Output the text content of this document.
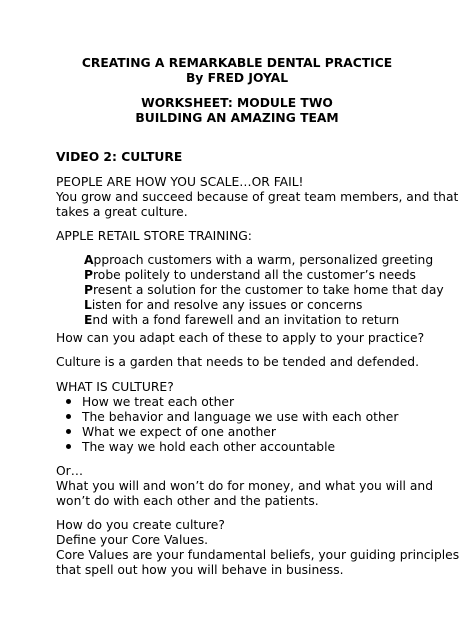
CREATING A REMARKABLE DENTAL PRACTICE
By FRED JOYAL
WORKSHEET: MODULE TWO
BUILDING AN AMAZING TEAM
VIDEO 2: CULTURE
PEOPLE ARE HOW YOU SCALE…OR FAIL!
You grow and succeed because of great team members, and that
takes a great culture.
APPLE RETAIL STORE TRAINING:
Approach customers with a warm, personalized greeting
Probe politely to understand all the customer’s needs
Present a solution for the customer to take home that day
Listen for and resolve any issues or concerns
End with a fond farewell and an invitation to return
How can you adapt each of these to apply to your practice?
Culture is a garden that needs to be tended and defended.
WHAT IS CULTURE?
How we treat each other
The behavior and language we use with each other
What we expect of one another
The way we hold each other accountable
Or…
What you will and won’t do for money, and what you will and
won’t do with each other and the patients.
How do you create culture?
Define your Core Values.
Core Values are your fundamental beliefs, your guiding principles
that spell out how you will behave in business.
